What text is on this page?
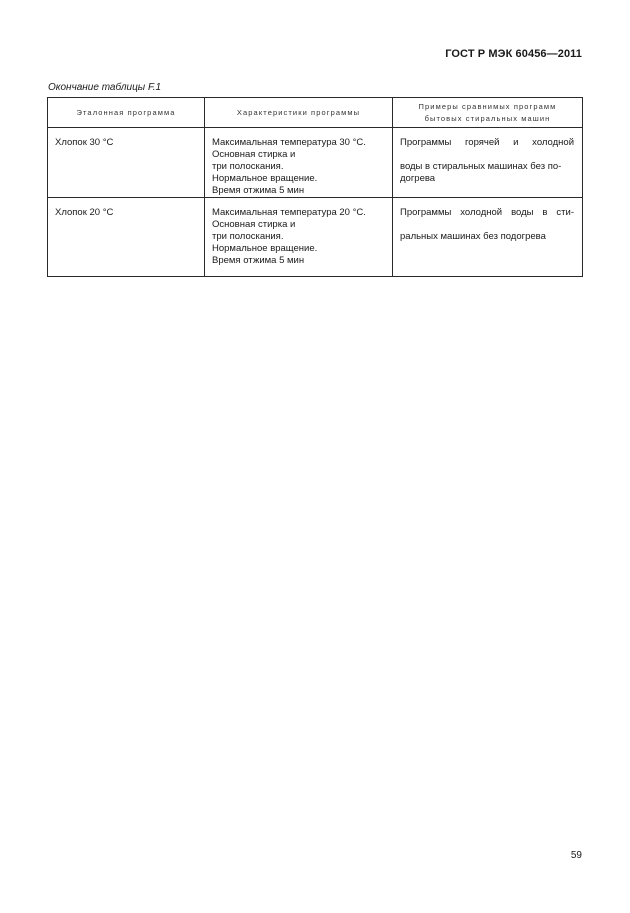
ГОСТ Р МЭК 60456—2011
Окончание таблицы F.1
Эталонная программа	Характеристики программы	Примеры сравнимых программ бытовых стиральных машин

Хлопок 30 °С	Максимальная температура 30 °С.
Основная стирка и
три полоскания.
Нормальное вращение.
Время отжима 5 мин	Программы горячей и холодной
воды в стиральных машинах без по-
догрева

Хлопок 20 °С	Максимальная температура 20 °С.
Основная стирка и
три полоскания.
Нормальное вращение.
Время отжима 5 мин	Программы холодной воды в сти-
ральных машинах без подогрева
59
